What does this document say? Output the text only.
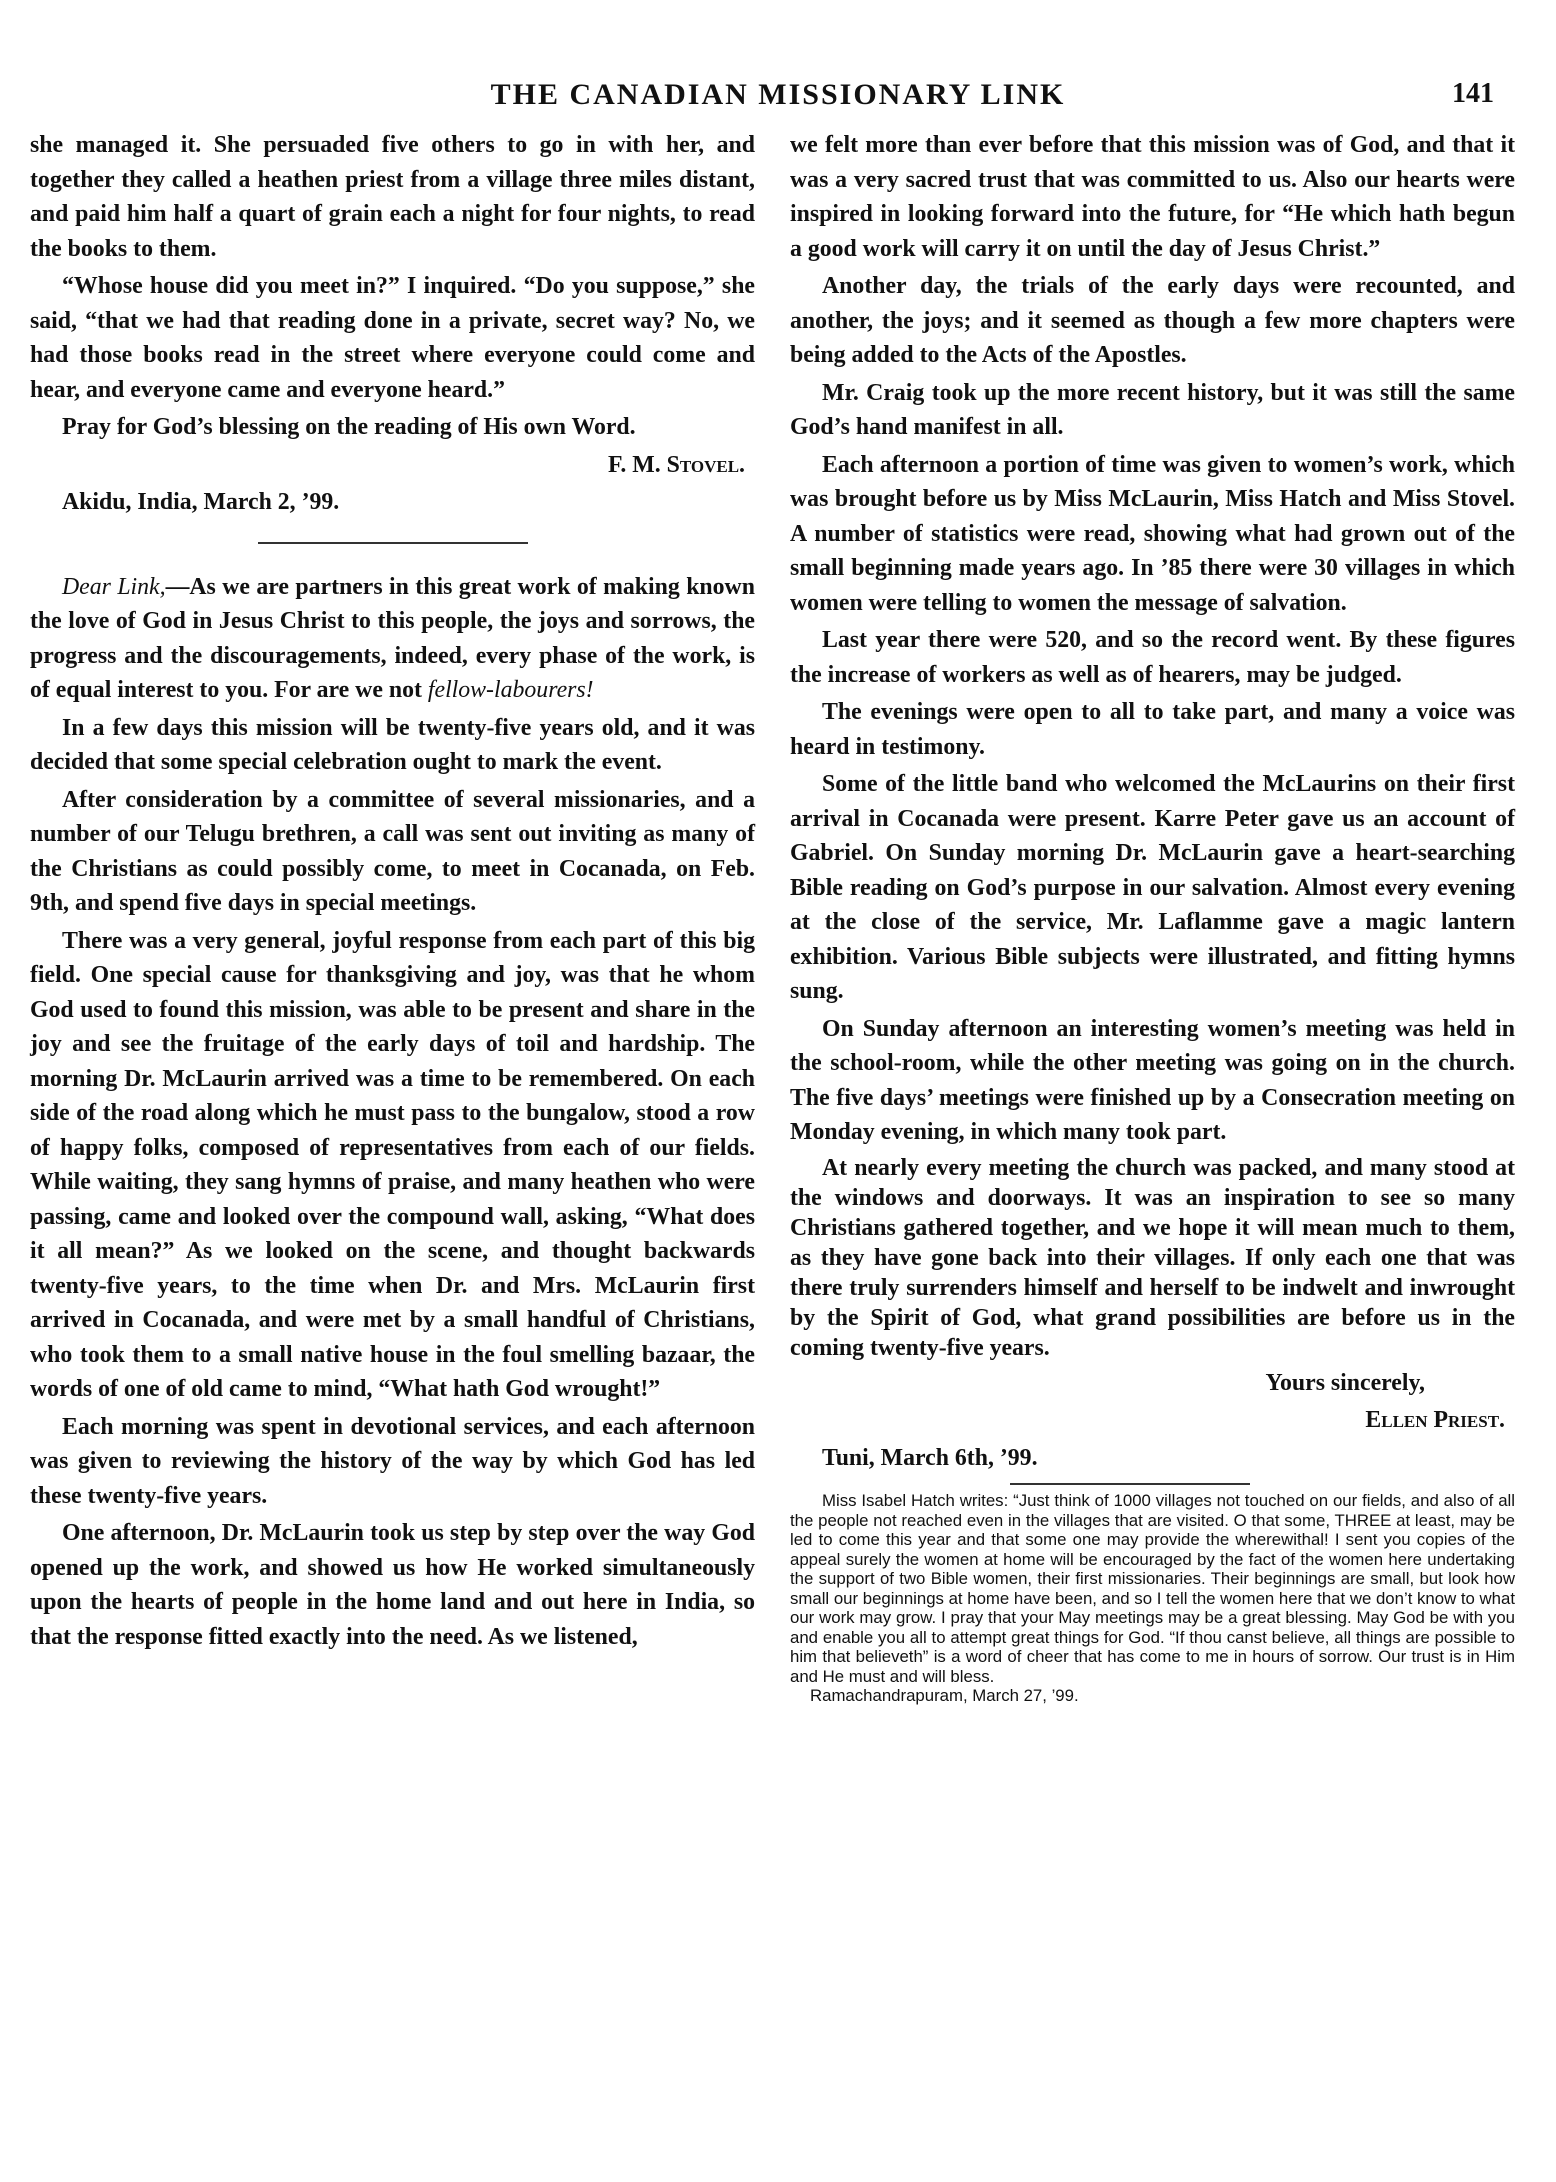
THE CANADIAN MISSIONARY LINK	141

she managed it. She persuaded five others to go in with her, and together they called a heathen priest from a village three miles distant, and paid him half a quart of grain each a night for four nights, to read the books to them.

“Whose house did you meet in?” I inquired. “Do you suppose,” she said, “that we had that reading done in a private, secret way? No, we had those books read in the street where everyone could come and hear, and everyone came and everyone heard.”

Pray for God’s blessing on the reading of His own Word.

F. M. Stovel.

Akidu, India, March 2, ’99.

Dear Link,—As we are partners in this great work of making known the love of God in Jesus Christ to this people, the joys and sorrows, the progress and the discouragements, indeed, every phase of the work, is of equal interest to you. For are we not fellow-labourers!

In a few days this mission will be twenty-five years old, and it was decided that some special celebration ought to mark the event.

After consideration by a committee of several missionaries, and a number of our Telugu brethren, a call was sent out inviting as many of the Christians as could possibly come, to meet in Cocanada, on Feb. 9th, and spend five days in special meetings.

There was a very general, joyful response from each part of this big field. One special cause for thanksgiving and joy, was that he whom God used to found this mission, was able to be present and share in the joy and see the fruitage of the early days of toil and hardship. The morning Dr. McLaurin arrived was a time to be remembered. On each side of the road along which he must pass to the bungalow, stood a row of happy folks, composed of representatives from each of our fields. While waiting, they sang hymns of praise, and many heathen who were passing, came and looked over the compound wall, asking, “What does it all mean?” As we looked on the scene, and thought backwards twenty-five years, to the time when Dr. and Mrs. McLaurin first arrived in Cocanada, and were met by a small handful of Christians, who took them to a small native house in the foul smelling bazaar, the words of one of old came to mind, “What hath God wrought!”

Each morning was spent in devotional services, and each afternoon was given to reviewing the history of the way by which God has led these twenty-five years.

One afternoon, Dr. McLaurin took us step by step over the way God opened up the work, and showed us how He worked simultaneously upon the hearts of people in the home land and out here in India, so that the response fitted exactly into the need. As we listened,

we felt more than ever before that this mission was of God, and that it was a very sacred trust that was committed to us. Also our hearts were inspired in looking forward into the future, for “He which hath begun a good work will carry it on until the day of Jesus Christ.”

Another day, the trials of the early days were recounted, and another, the joys; and it seemed as though a few more chapters were being added to the Acts of the Apostles.

Mr. Craig took up the more recent history, but it was still the same God’s hand manifest in all.

Each afternoon a portion of time was given to women’s work, which was brought before us by Miss McLaurin, Miss Hatch and Miss Stovel. A number of statistics were read, showing what had grown out of the small beginning made years ago. In ’85 there were 30 villages in which women were telling to women the message of salvation.

Last year there were 520, and so the record went. By these figures the increase of workers as well as of hearers, may be judged.

The evenings were open to all to take part, and many a voice was heard in testimony.

Some of the little band who welcomed the McLaurins on their first arrival in Cocanada were present. Karre Peter gave us an account of Gabriel. On Sunday morning Dr. McLaurin gave a heart-searching Bible reading on God’s purpose in our salvation. Almost every evening at the close of the service, Mr. Laflamme gave a magic lantern exhibition. Various Bible subjects were illustrated, and fitting hymns sung.

On Sunday afternoon an interesting women’s meeting was held in the school-room, while the other meeting was going on in the church. The five days’ meetings were finished up by a Consecration meeting on Monday evening, in which many took part.

At nearly every meeting the church was packed, and many stood at the windows and doorways. It was an inspiration to see so many Christians gathered together, and we hope it will mean much to them, as they have gone back into their villages. If only each one that was there truly surrenders himself and herself to be indwelt and inwrought by the Spirit of God, what grand possibilities are before us in the coming twenty-five years.

Yours sincerely,

Ellen Priest.

Tuni, March 6th, ’99.

Miss Isabel Hatch writes: “Just think of 1000 villages not touched on our fields, and also of all the people not reached even in the villages that are visited. O that some, THREE at least, may be led to come this year and that some one may provide the wherewithal! I sent you copies of the appeal surely the women at home will be encouraged by the fact of the women here undertaking the support of two Bible women, their first missionaries. Their beginnings are small, but look how small our beginnings at home have been, and so I tell the women here that we don’t know to what our work may grow. I pray that your May meetings may be a great blessing. May God be with you and enable you all to attempt great things for God. “If thou canst believe, all things are possible to him that believeth” is a word of cheer that has come to me in hours of sorrow. Our trust is in Him and He must and will bless.

Ramachandrapuram, March 27, ’99.
